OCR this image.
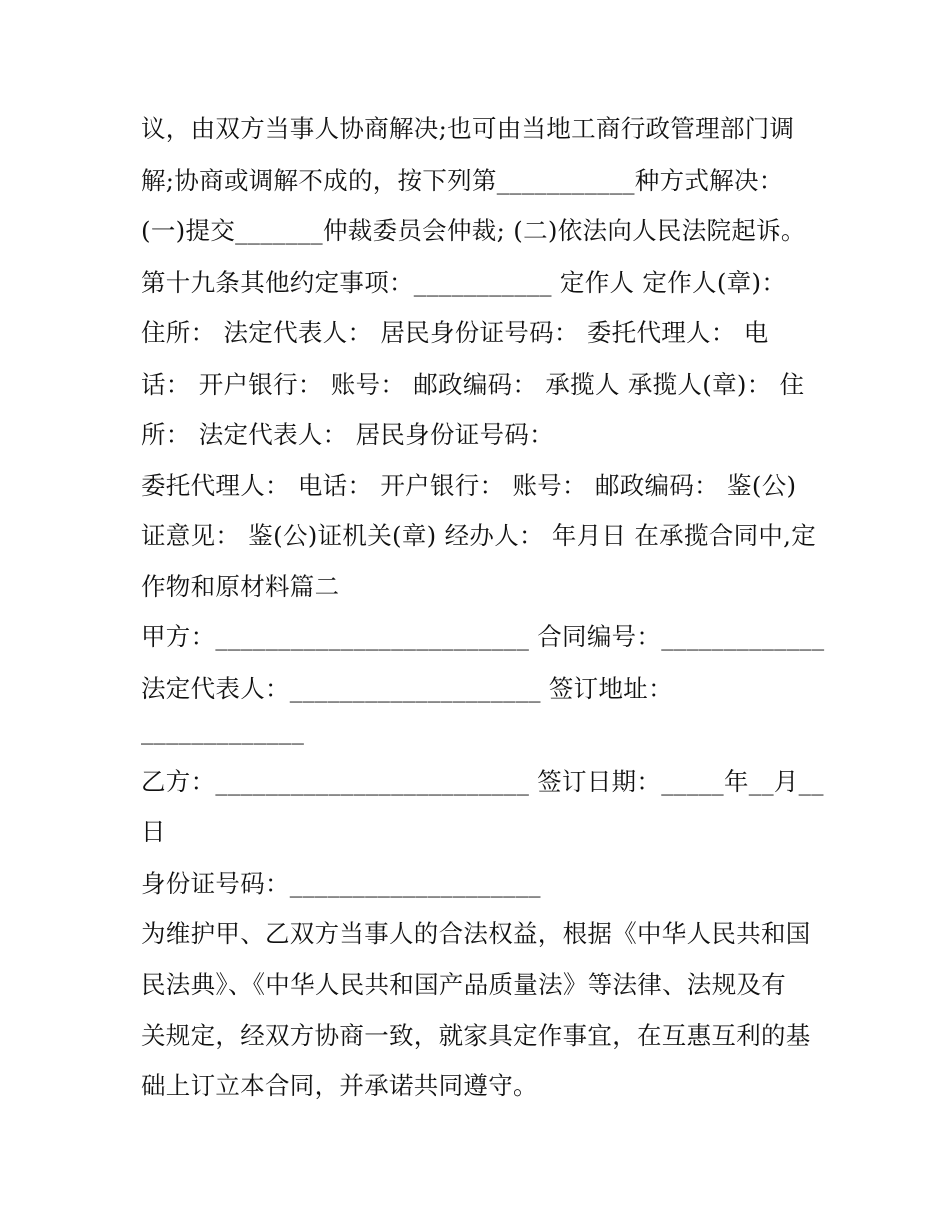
议，由双方当事人协商解决;也可由当地工商行政管理部门调
解;协商或调解不成的，按下列第___________种方式解决：
(一)提交_______仲裁委员会仲裁; (二)依法向人民法院起诉。
第十九条其他约定事项：___________ 定作人 定作人(章)：
住所： 法定代表人： 居民身份证号码： 委托代理人： 电
话： 开户银行： 账号： 邮政编码： 承揽人 承揽人(章)： 住
所： 法定代表人： 居民身份证号码：
委托代理人： 电话： 开户银行： 账号： 邮政编码： 鉴(公)
证意见： 鉴(公)证机关(章) 经办人： 年月日 在承揽合同中,定
作物和原材料篇二
甲方：_________________________ 合同编号：_____________
法定代表人：____________________ 签订地址：
_____________
乙方：_________________________ 签订日期：_____年__月__
日
身份证号码：____________________
为维护甲、乙双方当事人的合法权益，根据《中华人民共和国
民法典》、《中华人民共和国产品质量法》等法律、法规及有
关规定，经双方协商一致，就家具定作事宜，在互惠互利的基
础上订立本合同，并承诺共同遵守。
